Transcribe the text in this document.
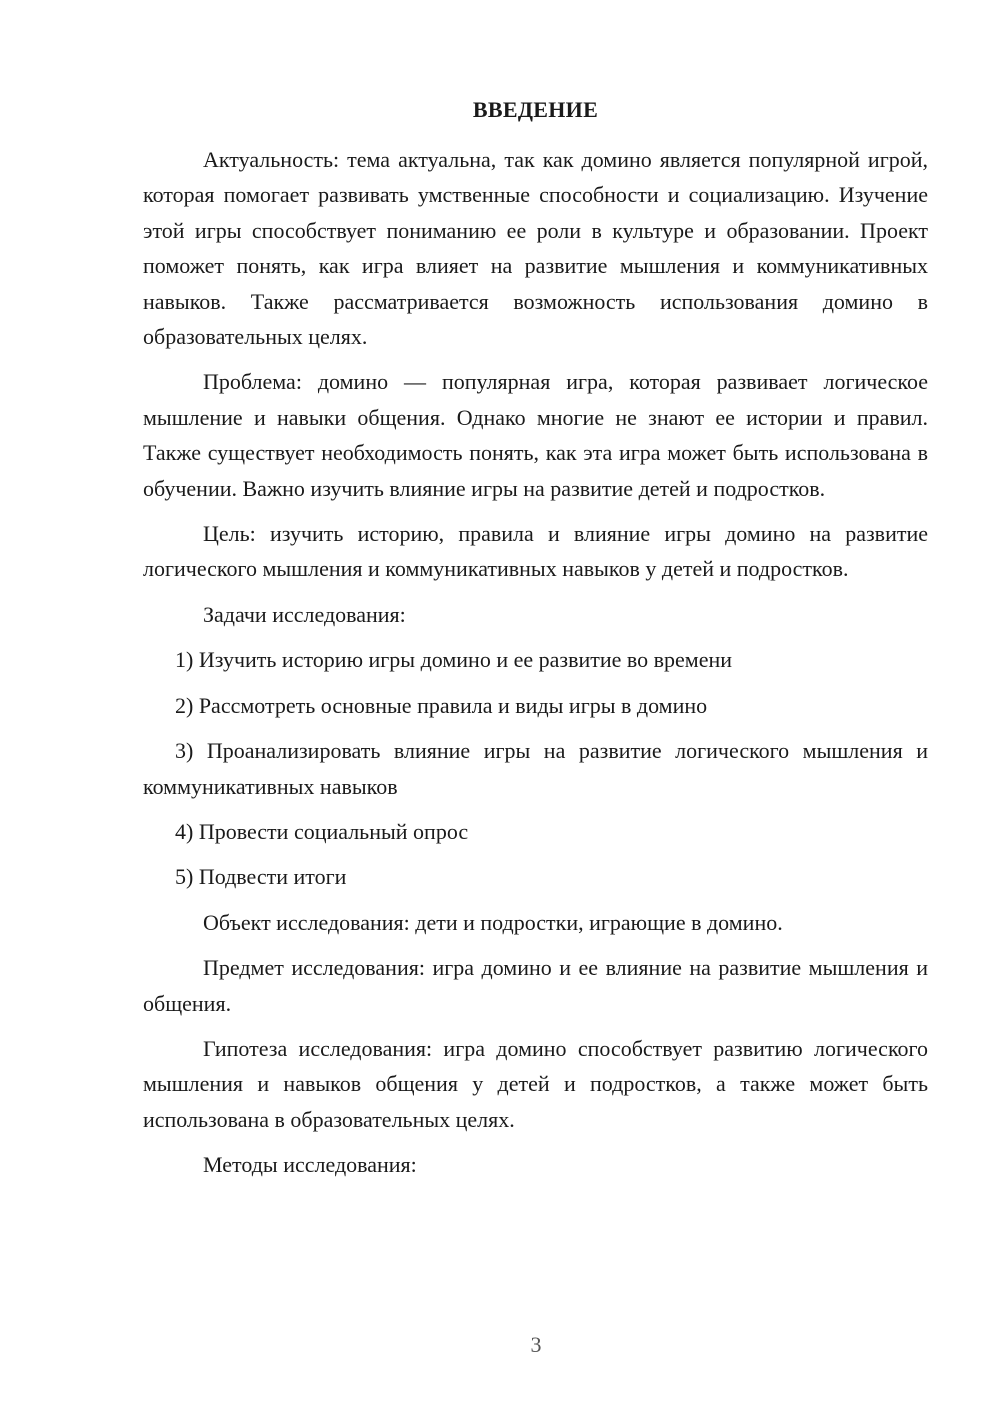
ВВЕДЕНИЕ

Актуальность: тема актуальна, так как домино является популярной игрой, которая помогает развивать умственные способности и социализацию. Изучение этой игры способствует пониманию ее роли в культуре и образовании. Проект поможет понять, как игра влияет на развитие мышления и коммуникативных навыков. Также рассматривается возможность использования домино в образовательных целях.

Проблема: домино — популярная игра, которая развивает логическое мышление и навыки общения. Однако многие не знают ее истории и правил. Также существует необходимость понять, как эта игра может быть использована в обучении. Важно изучить влияние игры на развитие детей и подростков.

Цель: изучить историю, правила и влияние игры домино на развитие логического мышления и коммуникативных навыков у детей и подростков.

Задачи исследования:

1) Изучить историю игры домино и ее развитие во времени

2) Рассмотреть основные правила и виды игры в домино

3) Проанализировать влияние игры на развитие логического мышления и коммуникативных навыков

4) Провести социальный опрос

5) Подвести итоги

Объект исследования: дети и подростки, играющие в домино.

Предмет исследования: игра домино и ее влияние на развитие мышления и общения.

Гипотеза исследования: игра домино способствует развитию логического мышления и навыков общения у детей и подростков, а также может быть использована в образовательных целях.

Методы исследования:

3
